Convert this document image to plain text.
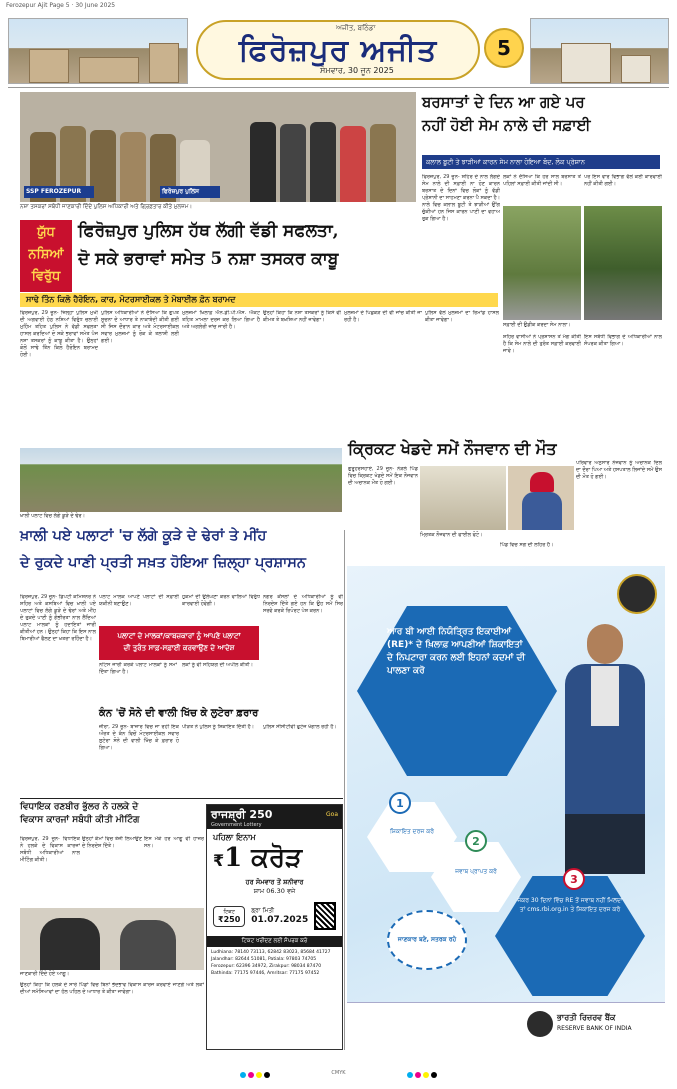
Ferozepur Ajit Page 5 · 30 June 2025
ਅਜੀਤ, ਬਠਿੰਡਾ
ਫਿਰੋਜ਼ਪੁਰ ਅਜੀਤ
ਸੋਮਵਾਰ, 30 ਜੂਨ 2025
5
SSP FEROZEPUR	ਫਿਰੋਜ਼ਪੁਰ ਪੁਲਿਸ
ਨਸ਼ਾ ਤਸਕਰਾਂ ਸਬੰਧੀ ਜਾਣਕਾਰੀ ਦਿੰਦੇ ਪੁਲਿਸ ਅਧਿਕਾਰੀ ਅਤੇ ਗ੍ਰਿਫ਼ਤਾਰ ਕੀਤੇ ਮੁਲਜ਼ਮ।
ਬਰਸਾਤਾਂ ਦੇ ਦਿਨ ਆ ਗਏ ਪਰ
ਨਹੀਂ ਹੋਈ ਸੇਮ ਨਾਲੇ ਦੀ ਸਫ਼ਾਈ
ਕਲਾਲ ਬੂਟੀ ਤੇ ਝਾੜੀਆਂ ਕਾਰਨ ਸੇਮ ਨਾਲਾ ਹੋਇਆ ਬੰਦ, ਲੋਕ ਪ੍ਰੇਸ਼ਾਨ

ਫਿਰੋਜ਼ਪੁਰ, 29 ਜੂਨ- ਸ਼ਹਿਰ ਦੇ ਨਾਲ ਲੱਗਦੇ ਸੇਮ ਨਾਲੇ ਦੀ ਸਫ਼ਾਈ ਨਾ ਹੋਣ ਕਾਰਨ ਬਰਸਾਤ ਦੇ ਦਿਨਾਂ ਵਿਚ ਲੋਕਾਂ ਨੂੰ ਵੱਡੀ ਪ੍ਰੇਸ਼ਾਨੀ ਦਾ ਸਾਹਮਣਾ ਕਰਨਾ ਪੈ ਸਕਦਾ ਹੈ। ਨਾਲੇ ਵਿਚ ਕਲਾਲ ਬੂਟੀ ਤੇ ਝਾੜੀਆਂ ਉੱਗ ਚੁੱਕੀਆਂ ਹਨ ਜਿਸ ਕਾਰਨ ਪਾਣੀ ਦਾ ਵਹਾਅ ਰੁਕ ਗਿਆ ਹੈ।

ਲੋਕਾਂ ਨੇ ਦੱਸਿਆ ਕਿ ਹਰ ਸਾਲ ਬਰਸਾਤ ਤੋਂ ਪਹਿਲਾਂ ਸਫ਼ਾਈ ਕੀਤੀ ਜਾਂਦੀ ਸੀ।

ਪਰ ਇਸ ਵਾਰ ਵਿਭਾਗ ਵੱਲੋਂ ਕੋਈ ਕਾਰਵਾਈ ਨਹੀਂ ਕੀਤੀ ਗਈ।

ਸਫ਼ਾਈ ਦੀ ਉਡੀਕ ਕਰਦਾ ਸੇਮ ਨਾਲਾ।
ਯੁੱਧ
ਨਸ਼ਿਆਂ
ਵਿਰੁੱਧ
ਫਿਰੋਜ਼ਪੁਰ ਪੁਲਿਸ ਹੱਥ ਲੱਗੀ ਵੱਡੀ ਸਫਲਤਾ,
ਦੋ ਸਕੇ ਭਰਾਵਾਂ ਸਮੇਤ 5 ਨਸ਼ਾ ਤਸਕਰ ਕਾਬੂ
ਸਾਢੇ ਤਿੰਨ ਕਿਲੋ ਹੈਰੋਇਨ, ਕਾਰ, ਮੋਟਰਸਾਈਕਲ ਤੇ ਮੋਬਾਈਲ ਫ਼ੋਨ ਬਰਾਮਦ

ਫਿਰੋਜ਼ਪੁਰ, 29 ਜੂਨ- ਜ਼ਿਲ੍ਹਾ ਪੁਲਿਸ ਮੁਖੀ ਦੀ ਅਗਵਾਈ ਹੇਠ ਨਸ਼ਿਆਂ ਵਿਰੁੱਧ ਚਲਾਈ ਮੁਹਿੰਮ ਤਹਿਤ ਪੁਲਿਸ ਨੇ ਵੱਡੀ ਸਫਲਤਾ ਹਾਸਲ ਕਰਦਿਆਂ ਦੋ ਸਕੇ ਭਰਾਵਾਂ ਸਮੇਤ ਪੰਜ ਨਸ਼ਾ ਤਸਕਰਾਂ ਨੂੰ ਕਾਬੂ ਕੀਤਾ ਹੈ। ਉਨ੍ਹਾਂ ਕੋਲੋਂ ਸਾਢੇ ਤਿੰਨ ਕਿਲੋ ਹੈਰੋਇਨ ਬਰਾਮਦ ਹੋਈ।

ਪੁਲਿਸ ਅਧਿਕਾਰੀਆਂ ਨੇ ਦੱਸਿਆ ਕਿ ਗੁਪਤ ਸੂਚਨਾ ਦੇ ਆਧਾਰ ਤੇ ਨਾਕਾਬੰਦੀ ਕੀਤੀ ਗਈ ਸੀ ਜਿਸ ਦੌਰਾਨ ਕਾਰ ਅਤੇ ਮੋਟਰਸਾਈਕਲ ਸਵਾਰ ਮੁਲਜ਼ਮਾਂ ਨੂੰ ਰੋਕ ਕੇ ਤਲਾਸ਼ੀ ਲਈ ਗਈ।

ਮੁਲਜ਼ਮਾਂ ਖ਼ਿਲਾਫ਼ ਐਨ.ਡੀ.ਪੀ.ਐਸ. ਐਕਟ ਤਹਿਤ ਮਾਮਲਾ ਦਰਜ ਕਰ ਲਿਆ ਗਿਆ ਹੈ ਅਤੇ ਅਗਲੇਰੀ ਜਾਂਚ ਜਾਰੀ ਹੈ।

ਉਨ੍ਹਾਂ ਕਿਹਾ ਕਿ ਨਸ਼ਾ ਤਸਕਰਾਂ ਨੂੰ ਕਿਸੇ ਵੀ ਕੀਮਤ ਤੇ ਬਖ਼ਸ਼ਿਆ ਨਹੀਂ ਜਾਵੇਗਾ।

ਮੁਲਜ਼ਮਾਂ ਦੇ ਪਿਛੋਕੜ ਦੀ ਵੀ ਜਾਂਚ ਕੀਤੀ ਜਾ ਰਹੀ ਹੈ।

ਪੁਲਿਸ ਵੱਲੋਂ ਮੁਲਜ਼ਮਾਂ ਦਾ ਰਿਮਾਂਡ ਹਾਸਲ ਕੀਤਾ ਜਾਵੇਗਾ।

ਸ਼ਹਿਰ ਵਾਸੀਆਂ ਨੇ ਪ੍ਰਸ਼ਾਸਨ ਤੋਂ ਮੰਗ ਕੀਤੀ ਹੈ ਕਿ ਸੇਮ ਨਾਲੇ ਦੀ ਤੁਰੰਤ ਸਫ਼ਾਈ ਕਰਵਾਈ ਜਾਵੇ।

ਇਸ ਸਬੰਧੀ ਵਿਭਾਗ ਦੇ ਅਧਿਕਾਰੀਆਂ ਨਾਲ ਸੰਪਰਕ ਕੀਤਾ ਗਿਆ।

ਕ੍ਰਿਕਟ ਖੇਡਦੇ ਸਮੇਂ ਨੌਜਵਾਨ ਦੀ ਮੌਤ
ਖ਼ਾਲੀ ਪਲਾਟ ਵਿਚ ਲੱਗੇ ਕੂੜੇ ਦੇ ਢੇਰ।

ਗੁਰੂਹਰਸਹਾਏ, 29 ਜੂਨ- ਨੇੜਲੇ ਪਿੰਡ ਵਿਚ ਕ੍ਰਿਕਟ ਖੇਡਦੇ ਸਮੇਂ ਇਕ ਨੌਜਵਾਨ ਦੀ ਅਚਾਨਕ ਮੌਤ ਹੋ ਗਈ।

ਪਰਿਵਾਰ ਅਨੁਸਾਰ ਨੌਜਵਾਨ ਨੂੰ ਅਚਾਨਕ ਦਿਲ ਦਾ ਦੌਰਾ ਪਿਆ ਅਤੇ ਹਸਪਤਾਲ ਲਿਜਾਂਦੇ ਸਮੇਂ ਉਸ ਦੀ ਮੌਤ ਹੋ ਗਈ।

ਮ੍ਰਿਤਕ ਨੌਜਵਾਨ ਦੀ ਫਾਈਲ ਫੋਟੋ।

ਪਿੰਡ ਵਿਚ ਸੋਗ ਦੀ ਲਹਿਰ ਹੈ।

ਖ਼ਾਲੀ ਪਏ ਪਲਾਟਾਂ 'ਚ ਲੱਗੇ ਕੂੜੇ ਦੇ ਢੇਰਾਂ ਤੇ ਮੀਂਹ
ਦੇ ਰੁਕਦੇ ਪਾਣੀ ਪ੍ਰਤੀ ਸਖ਼ਤ ਹੋਇਆ ਜ਼ਿਲ੍ਹਾ ਪ੍ਰਸ਼ਾਸਨ

ਫਿਰੋਜ਼ਪੁਰ, 29 ਜੂਨ- ਡਿਪਟੀ ਕਮਿਸ਼ਨਰ ਨੇ ਸ਼ਹਿਰ ਅਤੇ ਕਸਬਿਆਂ ਵਿਚ ਖ਼ਾਲੀ ਪਏ ਪਲਾਟਾਂ ਵਿਚ ਲੱਗੇ ਕੂੜੇ ਦੇ ਢੇਰਾਂ ਅਤੇ ਮੀਂਹ ਦੇ ਰੁਕਦੇ ਪਾਣੀ ਨੂੰ ਗੰਭੀਰਤਾ ਨਾਲ ਲੈਂਦਿਆਂ ਪਲਾਟ ਮਾਲਕਾਂ ਨੂੰ ਹਦਾਇਤਾਂ ਜਾਰੀ ਕੀਤੀਆਂ ਹਨ। ਉਨ੍ਹਾਂ ਕਿਹਾ ਕਿ ਇਸ ਨਾਲ ਬਿਮਾਰੀਆਂ ਫੈਲਣ ਦਾ ਖ਼ਤਰਾ ਰਹਿੰਦਾ ਹੈ।

ਪਲਾਟ ਮਾਲਕ ਆਪਣੇ ਪਲਾਟਾਂ ਦੀ ਸਫ਼ਾਈ ਯਕੀਨੀ ਬਣਾਉਣ।

ਪਲਾਟਾਂ ਦੇ ਮਾਲਕਾਂ/ਕਾਬਜ਼ਕਾਰਾਂ ਨੂੰ ਆਪਣੇ ਪਲਾਟਾਂ
ਦੀ ਤੁਰੰਤ ਸਾਫ਼-ਸਫ਼ਾਈ ਕਰਵਾਉਣ ਦੇ ਆਦੇਸ਼

ਹੁਕਮਾਂ ਦੀ ਉਲੰਘਣਾ ਕਰਨ ਵਾਲਿਆਂ ਵਿਰੁੱਧ ਕਾਰਵਾਈ ਹੋਵੇਗੀ।

ਨਗਰ ਕੌਂਸਲਾਂ ਦੇ ਅਧਿਕਾਰੀਆਂ ਨੂੰ ਵੀ ਨਿਰਦੇਸ਼ ਦਿੱਤੇ ਗਏ ਹਨ ਕਿ ਉਹ ਸਮੇਂ ਸਿਰ ਸਰਵੇ ਕਰਕੇ ਰਿਪੋਰਟ ਪੇਸ਼ ਕਰਨ।

ਨੋਟਿਸ ਜਾਰੀ ਕਰਕੇ ਪਲਾਟ ਮਾਲਕਾਂ ਨੂੰ ਸਮਾਂ ਦਿੱਤਾ ਗਿਆ ਹੈ।

ਲੋਕਾਂ ਨੂੰ ਵੀ ਸਹਿਯੋਗ ਦੀ ਅਪੀਲ ਕੀਤੀ।

ਕੰਨ 'ਚੋਂ ਸੋਨੇ ਦੀ ਵਾਲੀ ਖਿੱਚ ਕੇ ਲੁਟੇਰਾ ਫ਼ਰਾਰ

ਜ਼ੀਰਾ, 29 ਜੂਨ- ਬਾਜ਼ਾਰ ਵਿਚ ਜਾ ਰਹੀ ਇਕ ਔਰਤ ਦੇ ਕੰਨ ਵਿਚੋਂ ਮੋਟਰਸਾਈਕਲ ਸਵਾਰ ਲੁਟੇਰਾ ਸੋਨੇ ਦੀ ਵਾਲੀ ਖਿੱਚ ਕੇ ਫ਼ਰਾਰ ਹੋ ਗਿਆ।

ਪੀੜਤ ਨੇ ਪੁਲਿਸ ਨੂੰ ਸ਼ਿਕਾਇਤ ਦਿੱਤੀ ਹੈ।	ਪੁਲਿਸ ਸੀਸੀਟੀਵੀ ਫੁਟੇਜ ਖੰਗਾਲ ਰਹੀ ਹੈ।

ਵਿਧਾਇਕ ਰਣਬੀਰ ਭੁੱਲਰ ਨੇ ਹਲਕੇ ਦੇ
ਵਿਕਾਸ ਕਾਰਜਾਂ ਸਬੰਧੀ ਕੀਤੀ ਮੀਟਿੰਗ

ਫਿਰੋਜ਼ਪੁਰ, 29 ਜੂਨ- ਵਿਧਾਇਕ ਨੇ ਹਲਕੇ ਦੇ ਵਿਕਾਸ ਕਾਰਜਾਂ ਸਬੰਧੀ ਅਧਿਕਾਰੀਆਂ ਨਾਲ ਮੀਟਿੰਗ ਕੀਤੀ।

ਉਨ੍ਹਾਂ ਕੰਮਾਂ ਵਿਚ ਤੇਜ਼ੀ ਲਿਆਉਣ ਦੇ ਨਿਰਦੇਸ਼ ਦਿੱਤੇ।

ਇਸ ਮੌਕੇ ਹੋਰ ਆਗੂ ਵੀ ਹਾਜ਼ਰ ਸਨ।

ਜਾਣਕਾਰੀ ਦਿੰਦੇ ਹੋਏ ਆਗੂ।

ਉਨ੍ਹਾਂ ਕਿਹਾ ਕਿ ਹਲਕੇ ਦੇ ਸਾਰੇ ਪਿੰਡਾਂ ਵਿਚ ਬਿਨਾਂ ਭੇਦਭਾਵ ਵਿਕਾਸ ਕਾਰਜ ਕਰਵਾਏ ਜਾਣਗੇ ਅਤੇ ਲੋਕਾਂ ਦੀਆਂ ਸਮੱਸਿਆਵਾਂ ਦਾ ਹੱਲ ਪਹਿਲ ਦੇ ਆਧਾਰ ਤੇ ਕੀਤਾ ਜਾਵੇਗਾ।

ਰਾਜਸ਼੍ਰੀ 250
Government Lottery
Goa
ਪਹਿਲਾ ਇਨਾਮ
₹ 1 ਕਰੋੜ
ਹਰ ਸੋਮਵਾਰ ਤੋਂ ਸ਼ਨੀਵਾਰ
ਸ਼ਾਮ 06.30 ਵਜੇ
ਟਿਕਟ
₹250
ਡ੍ਰਾ ਮਿਤੀ
01.07.2025
ਟਿਕਟ ਖਰੀਦਣ ਲਈ ਸੰਪਰਕ ਕਰੋ
Ludhiana: 78140 73113, 62842 83023, 85684 41727
Jalandhar: 82644 51081, Patiala: 97803 74705
Ferozepur: 62396 34972, Zirakpur: 98034 87470
Bathinda: 77175 97446, Amritsar: 77175 97452
ਆਰ ਬੀ ਆਈ ਨਿਯੰਤ੍ਰਿਤ ਇਕਾਈਆਂ (RE)* ਦੇ ਖ਼ਿਲਾਫ਼ ਆਪਣੀਆਂ ਸ਼ਿਕਾਇਤਾਂ ਦੇ ਨਿਪਟਾਰਾ ਕਰਨ ਲਈ ਇਹਨਾਂ ਕਦਮਾਂ ਦੀ ਪਾਲਣਾ ਕਰੋ
1
ਸ਼ਿਕਾਇਤ ਦਰਜ ਕਰੋ
2
ਜਵਾਬ ਪ੍ਰਾਪਤ ਕਰੋ
3
ਜੇਕਰ 30 ਦਿਨਾਂ ਵਿੱਚ RE ਤੋਂ ਜਵਾਬ ਨਹੀਂ ਮਿਲਦਾ ਤਾਂ cms.rbi.org.in ਤੇ ਸ਼ਿਕਾਇਤ ਦਰਜ ਕਰੋ
ਜਾਣਕਾਰ ਬਣੋ, ਸਤਰਕ ਰਹੋ
ਭਾਰਤੀ ਰਿਜ਼ਰਵ ਬੈਂਕ
RESERVE BANK OF INDIA
CMYK
